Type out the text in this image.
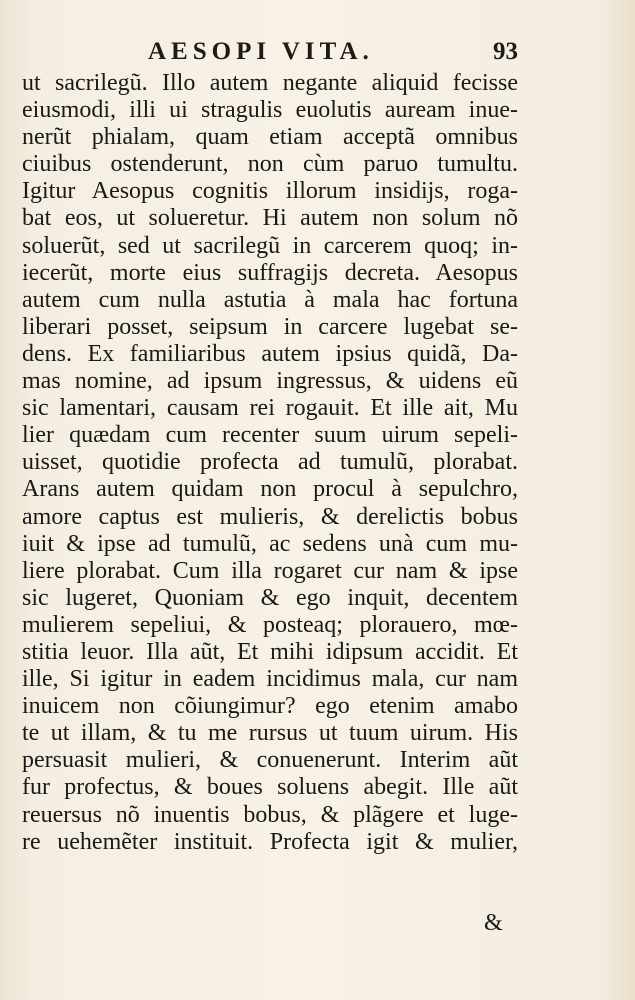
AESOPI VITA.	93
ut sacrilegũ. Illo autem negante aliquid fecisse
eiusmodi, illi ui stragulis euolutis auream inue-
nerũt phialam, quam etiam acceptã omnibus
ciuibus ostenderunt, non cùm paruo tumultu.
Igitur Aesopus cognitis illorum insidijs, roga-
bat eos, ut solueretur. Hi autem non solum nõ
soluerũt, sed ut sacrilegũ in carcerem quoq; in-
iecerũt, morte eius suffragijs decreta. Aesopus
autem cum nulla astutia à mala hac fortuna
liberari posset, seipsum in carcere lugebat se-
dens. Ex familiaribus autem ipsius quidã, Da-
mas nomine, ad ipsum ingressus, & uidens eũ
sic lamentari, causam rei rogauit. Et ille ait, Mu
lier quædam cum recenter suum uirum sepeli-
uisset, quotidie profecta ad tumulũ, plorabat.
Arans autem quidam non procul à sepulchro,
amore captus est mulieris, & derelictis bobus
iuit & ipse ad tumulũ, ac sedens unà cum mu-
liere plorabat. Cum illa rogaret cur nam & ipse
sic lugeret, Quoniam & ego inquit, decentem
mulierem sepeliui, & posteaq; plorauero, mœ-
stitia leuor. Illa aũt, Et mihi idipsum accidit. Et
ille, Si igitur in eadem incidimus mala, cur nam
inuicem non cõiungimur? ego etenim amabo
te ut illam, & tu me rursus ut tuum uirum. His
persuasit mulieri, & conuenerunt. Interim aũt
fur profectus, & boues soluens abegit. Ille aũt
reuersus nõ inuentis bobus, & plãgere et luge-
re uehemẽter instituit. Profecta igit & mulier,
&
